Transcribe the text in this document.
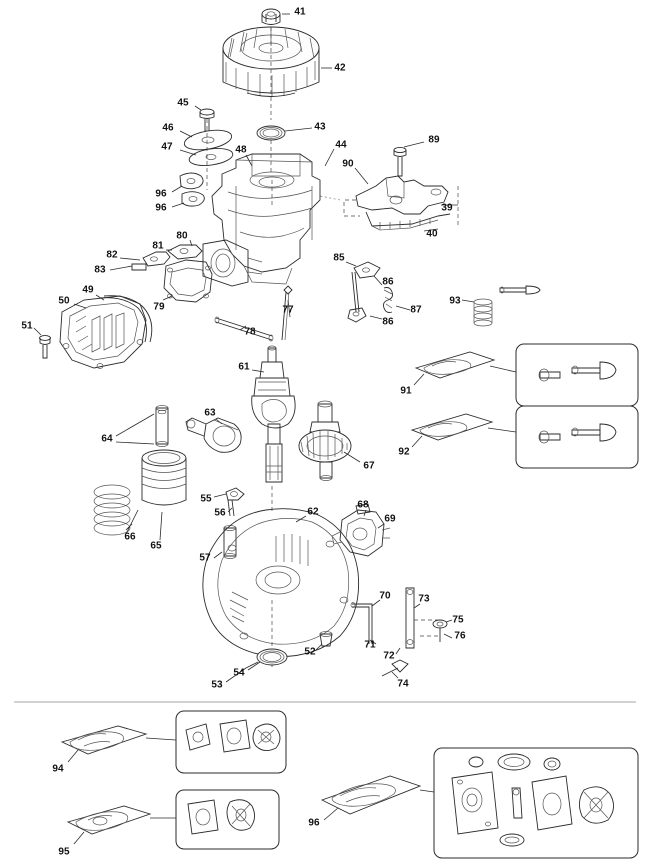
41
42
45
46	43
44
47	48
89
90
39
96
96
40
80
81
82
83
85
86
86
87
93
49
50
79	77
51
78
91
61
63
64
92
67
66
65
55
56	62
68
69
57
70	73
75
76
71
72
74
52
54
53
94
95
96
